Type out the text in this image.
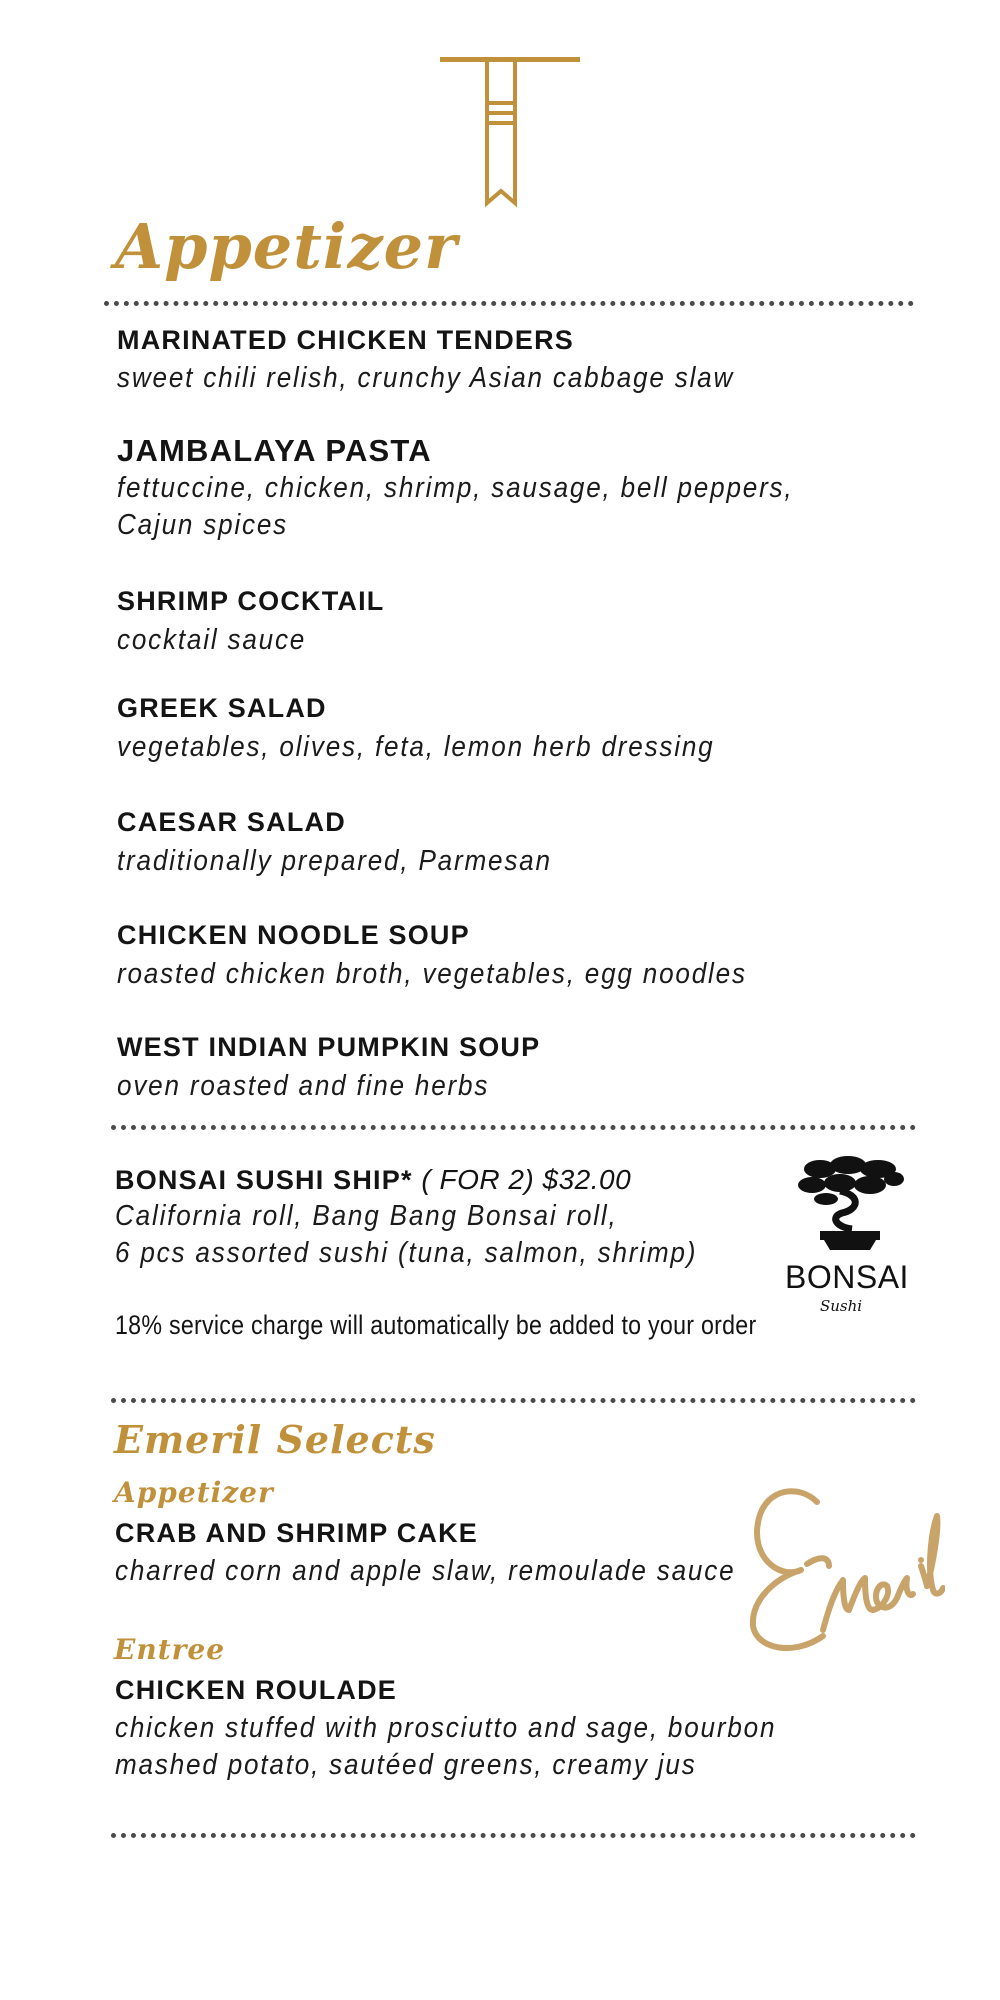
Appetizer
MARINATED CHICKEN TENDERS
sweet chili relish, crunchy Asian cabbage slaw
JAMBALAYA PASTA
fettuccine, chicken, shrimp, sausage, bell peppers,
Cajun spices
SHRIMP COCKTAIL
cocktail sauce
GREEK SALAD
vegetables, olives, feta, lemon herb dressing
CAESAR SALAD
traditionally prepared, Parmesan
CHICKEN NOODLE SOUP
roasted chicken broth, vegetables, egg noodles
WEST INDIAN PUMPKIN SOUP
oven roasted and fine herbs
BONSAI SUSHI SHIP* ( FOR 2) $32.00
California roll, Bang Bang Bonsai roll,
6 pcs assorted sushi (tuna, salmon, shrimp)
18% service charge will automatically be added to your order
BONSAI
Sushi
Emeril Selects
Appetizer
CRAB AND SHRIMP CAKE
charred corn and apple slaw, remoulade sauce
Entree
CHICKEN ROULADE
chicken stuffed with prosciutto and sage, bourbon
mashed potato, sautéed greens, creamy jus
